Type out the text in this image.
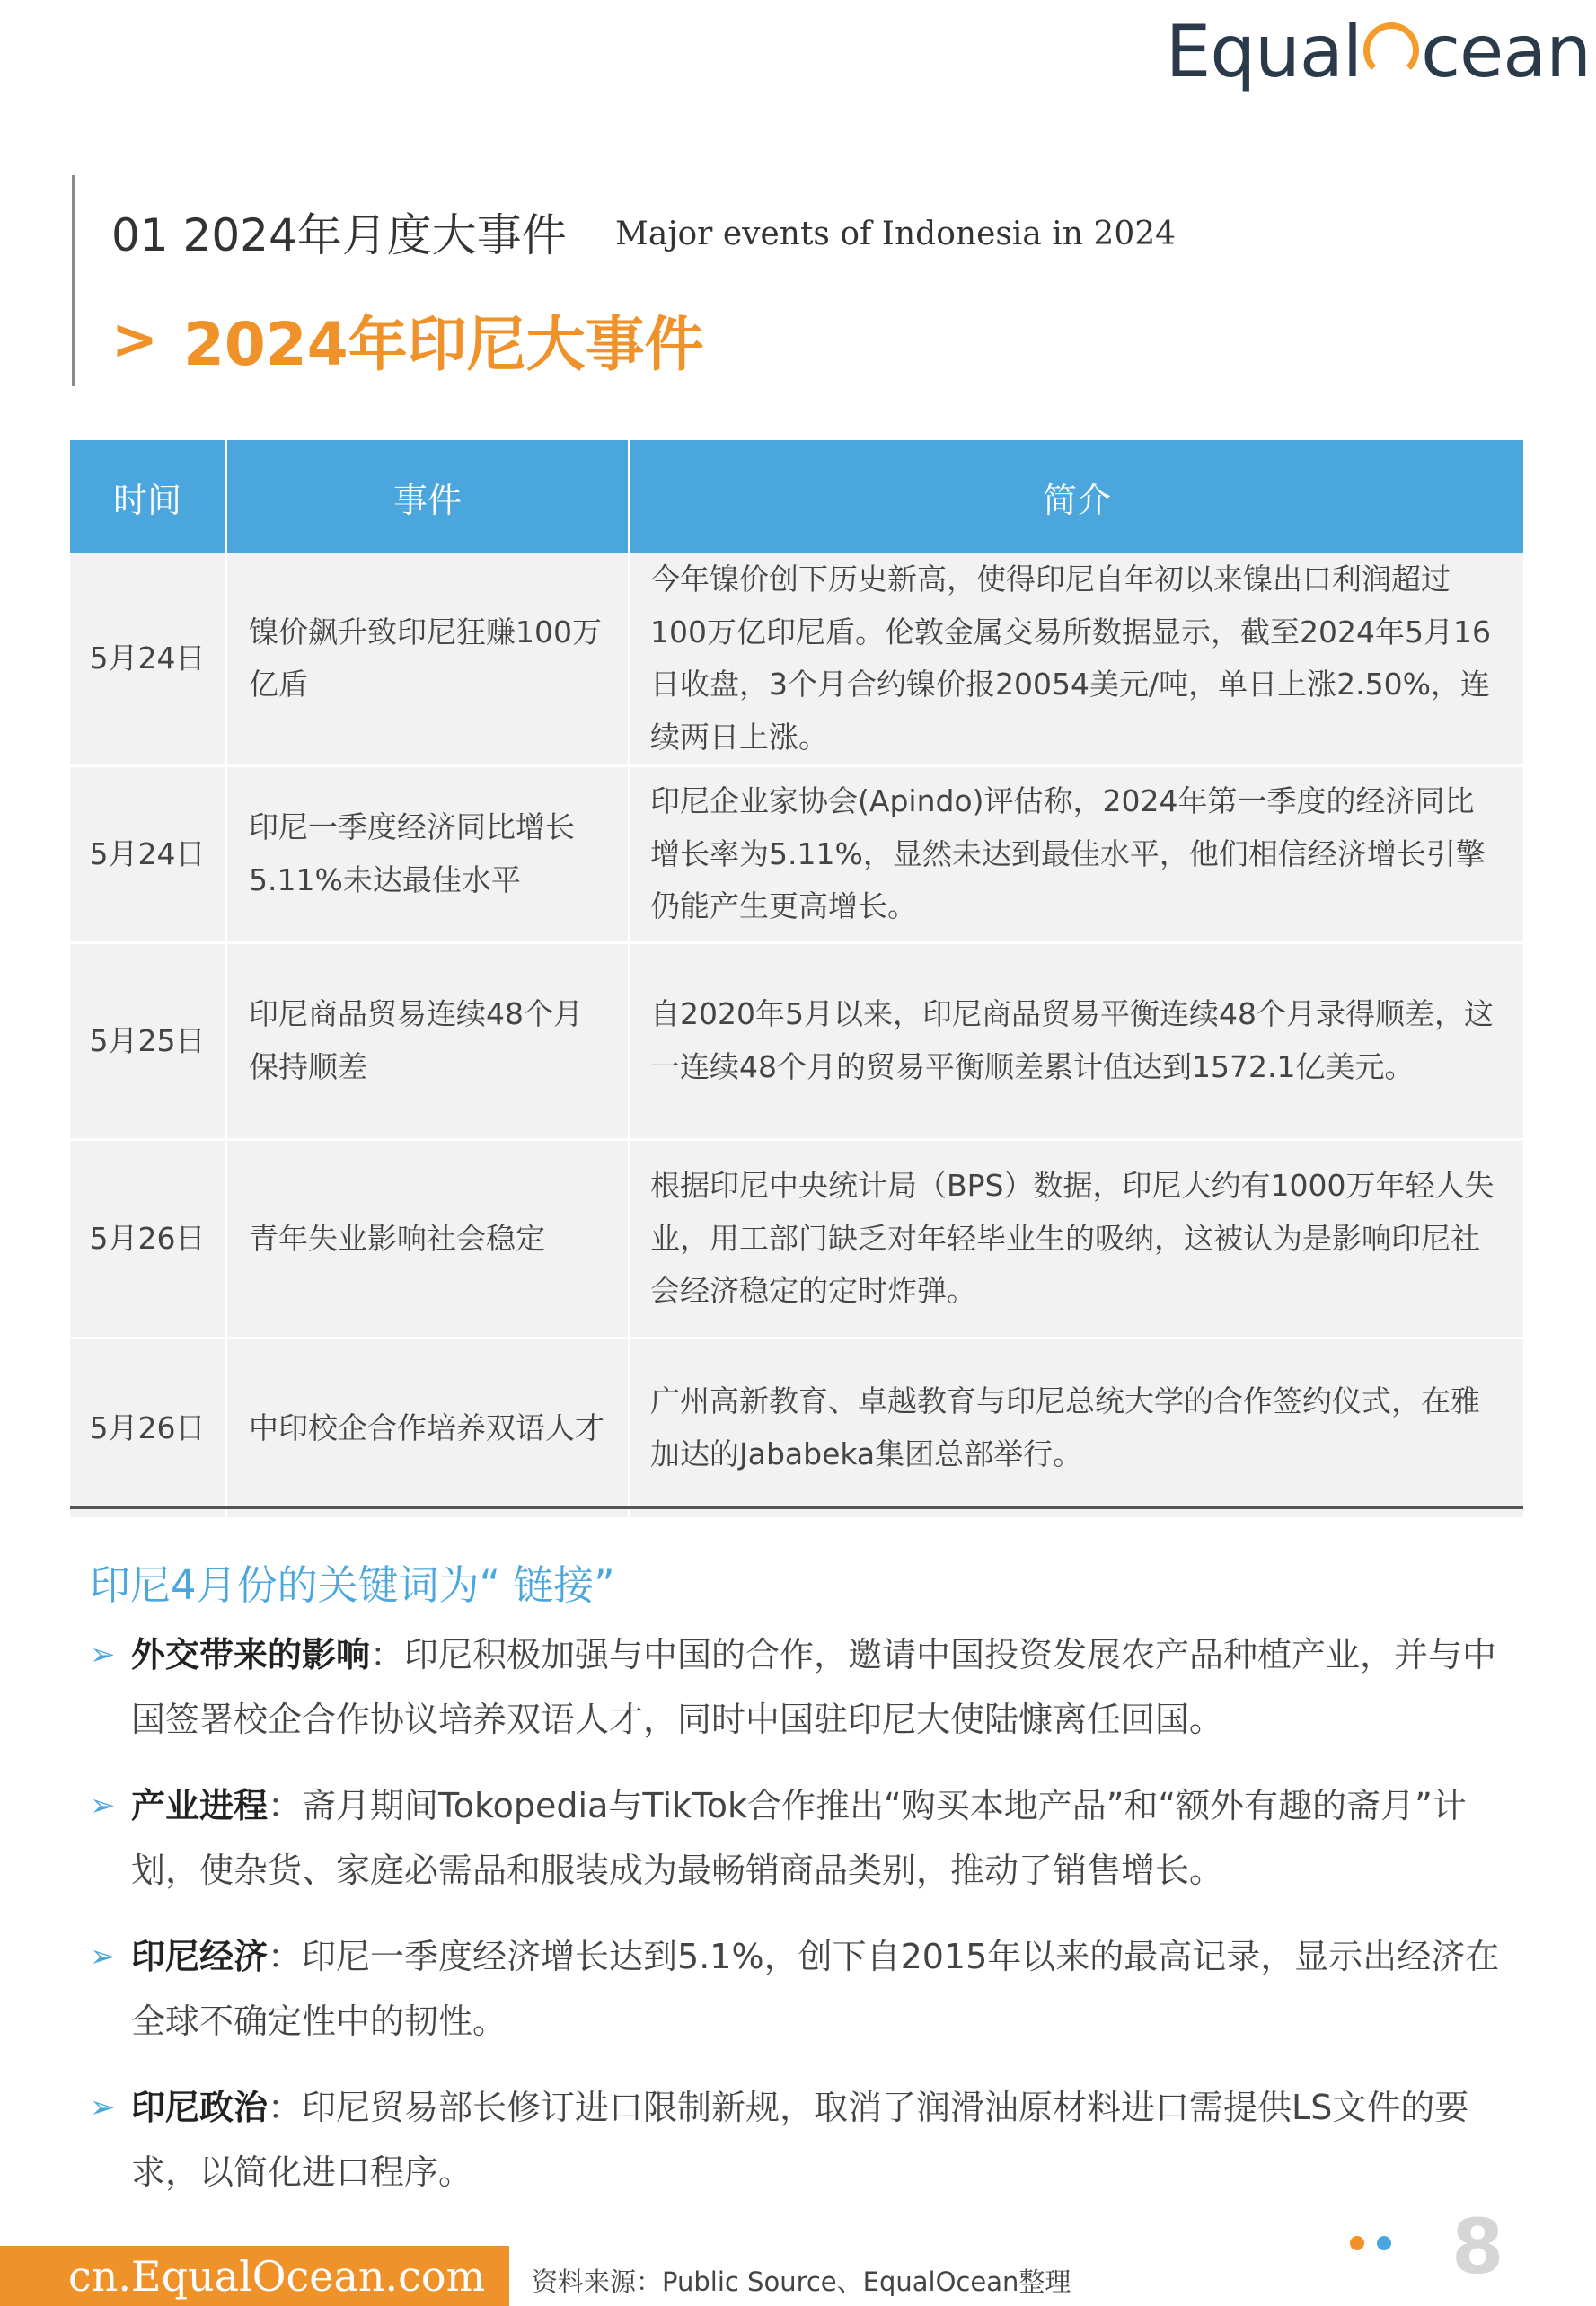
Equal cean
01 2024年月度大事件 Major events of Indonesia in 2024
> 2024年印尼大事件
时间	事件	简介
5月24日	镍价飙升致印尼狂赚100万亿盾	今年镍价创下历史新高，使得印尼自年初以来镍出口利润超过100万亿印尼盾。伦敦金属交易所数据显示，截至2024年5月16日收盘，3个月合约镍价报20054美元/吨，单日上涨2.50%，连续两日上涨。
5月24日	印尼一季度经济同比增长5.11%未达最佳水平	印尼企业家协会(Apindo)评估称，2024年第一季度的经济同比增长率为5.11%，显然未达到最佳水平，他们相信经济增长引擎仍能产生更高增长。
5月25日	印尼商品贸易连续48个月保持顺差	自2020年5月以来，印尼商品贸易平衡连续48个月录得顺差，这一连续48个月的贸易平衡顺差累计值达到1572.1亿美元。
5月26日	青年失业影响社会稳定	根据印尼中央统计局（BPS）数据，印尼大约有1000万年轻人失业，用工部门缺乏对年轻毕业生的吸纳，这被认为是影响印尼社会经济稳定的定时炸弹。
5月26日	中印校企合作培养双语人才	广州高新教育、卓越教育与印尼总统大学的合作签约仪式，在雅加达的Jababeka集团总部举行。
印尼4月份的关键词为“ 链接”
➢ 外交带来的影响：印尼积极加强与中国的合作，邀请中国投资发展农产品种植产业，并与中国签署校企合作协议培养双语人才，同时中国驻印尼大使陆慷离任回国。
➢ 产业进程：斋月期间Tokopedia与TikTok合作推出“购买本地产品”和“额外有趣的斋月”计划，使杂货、家庭必需品和服装成为最畅销商品类别，推动了销售增长。
➢ 印尼经济：印尼一季度经济增长达到5.1%，创下自2015年以来的最高记录，显示出经济在全球不确定性中的韧性。
➢ 印尼政治：印尼贸易部长修订进口限制新规，取消了润滑油原材料进口需提供LS文件的要求，以简化进口程序。
cn.EqualOcean.com	资料来源：Public Source、EqualOcean整理	8
